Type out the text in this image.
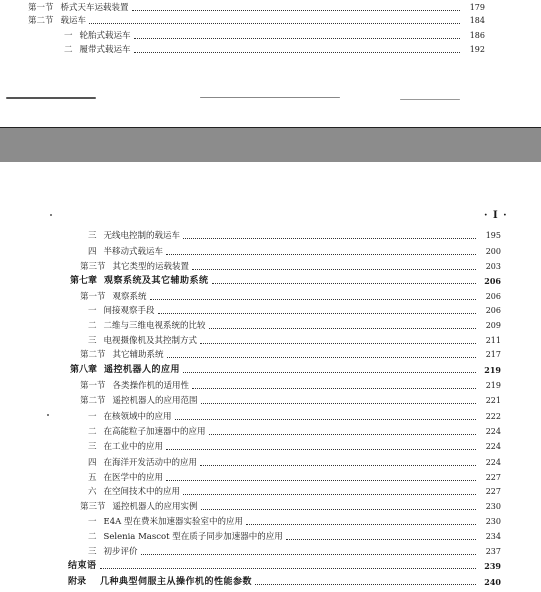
第一节 桥式天车运载装置	179
第二节 载运车	184
一 轮胎式载运车	186
二 履带式载运车	192
· Ⅰ ·
三 无线电控制的载运车	195
四 半移动式载运车	200
第三节 其它类型的运载装置	203
第七章 观察系统及其它辅助系统	206
第一节 观察系统	206
一 间接观察手段	206
二 二维与三维电视系统的比较	209
三 电视摄像机及其控制方式	211
第二节 其它辅助系统	217
第八章 遥控机器人的应用	219
第一节 各类操作机的适用性	219
第二节 遥控机器人的应用范围	221
一 在核领域中的应用	222
二 在高能粒子加速器中的应用	224
三 在工业中的应用	224
四 在海洋开发活动中的应用	224
五 在医学中的应用	227
六 在空间技术中的应用	227
第三节 遥控机器人的应用实例	230
一 E4A 型在费米加速器实验室中的应用	230
二 Selenia Mascot 型在质子同步加速器中的应用	234
三 初步评价	237
结束语	239
附录 几种典型伺服主从操作机的性能参数	240
